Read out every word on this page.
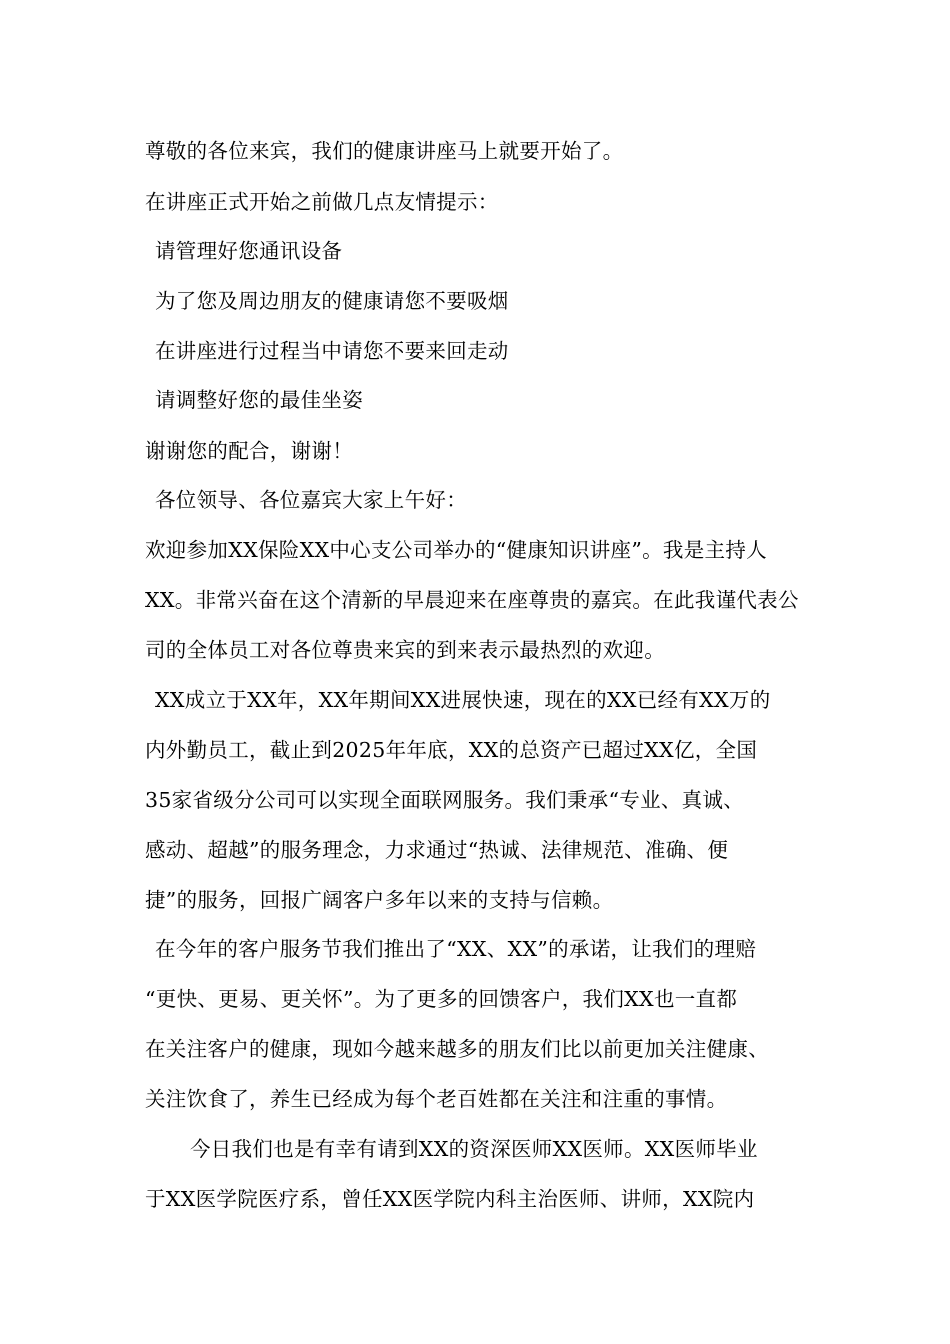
尊敬的各位来宾，我们的健康讲座马上就要开始了。
在讲座正式开始之前做几点友情提示：
请管理好您通讯设备
为了您及周边朋友的健康请您不要吸烟
在讲座进行过程当中请您不要来回走动
请调整好您的最佳坐姿
谢谢您的配合，谢谢！
各位领导、各位嘉宾大家上午好：
欢迎参加XX保险XX中心支公司举办的“健康知识讲座”。我是主持人
XX。非常兴奋在这个清新的早晨迎来在座尊贵的嘉宾。在此我谨代表公
司的全体员工对各位尊贵来宾的到来表示最热烈的欢迎。
XX成立于XX年，XX年期间XX进展快速，现在的XX已经有XX万的
内外勤员工，截止到2025年年底，XX的总资产已超过XX亿，全国
35家省级分公司可以实现全面联网服务。我们秉承“专业、真诚、
感动、超越”的服务理念，力求通过“热诚、法律规范、准确、便
捷”的服务，回报广阔客户多年以来的支持与信赖。
在今年的客户服务节我们推出了“XX、XX”的承诺，让我们的理赔
“更快、更易、更关怀”。为了更多的回馈客户，我们XX也一直都
在关注客户的健康，现如今越来越多的朋友们比以前更加关注健康、
关注饮食了，养生已经成为每个老百姓都在关注和注重的事情。
今日我们也是有幸有请到XX的资深医师XX医师。XX医师毕业
于XX医学院医疗系，曾任XX医学院内科主治医师、讲师，XX院内
